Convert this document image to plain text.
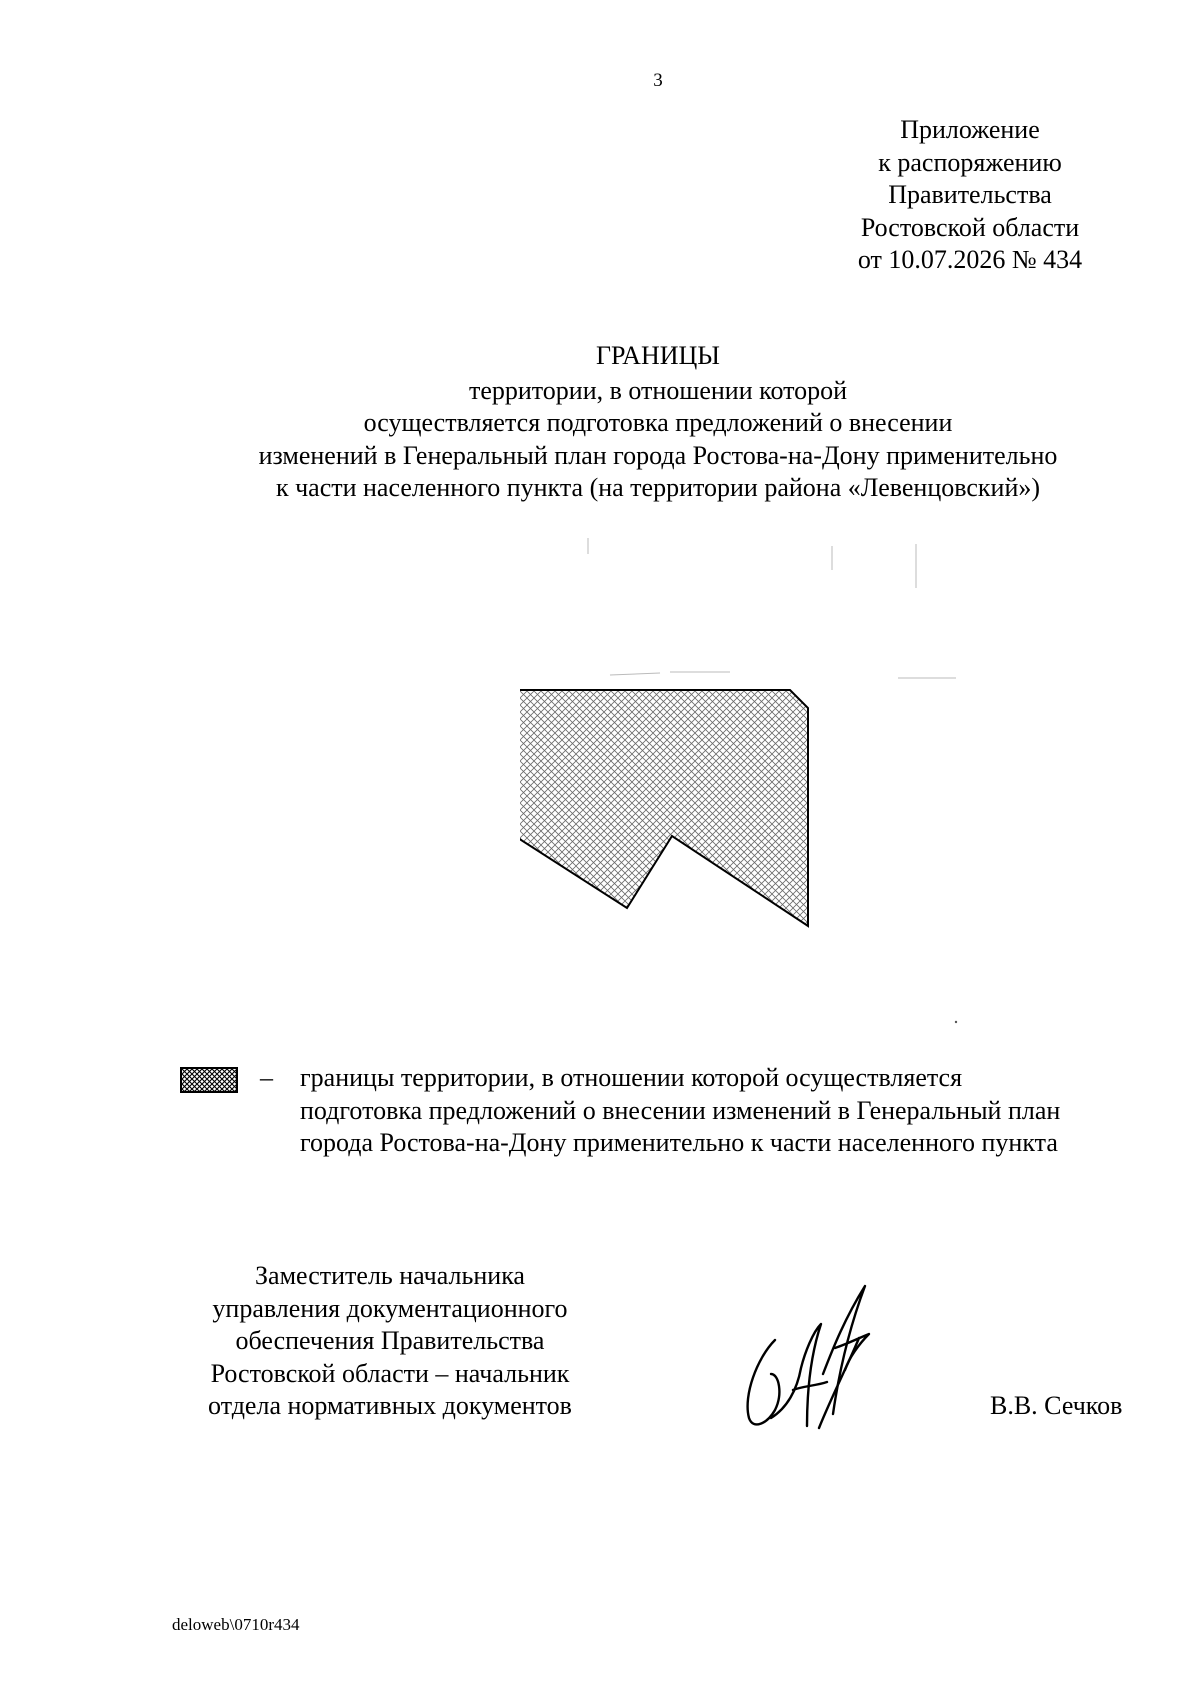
3
Приложение
к распоряжению
Правительства
Ростовской области
от 10.07.2026 № 434
ГРАНИЦЫ
территории, в отношении которой
осуществляется подготовка предложений о внесении
изменений в Генеральный план города Ростова-на-Дону применительно
к части населенного пункта (на территории района «Левенцовский»)
– границы территории, в отношении которой осуществляется
подготовка предложений о внесении изменений в Генеральный план
города Ростова-на-Дону применительно к части населенного пункта
Заместитель начальника
управления документационного
обеспечения Правительства
Ростовской области – начальник
отдела нормативных документов	В.В. Сечков
deloweb\0710r434
